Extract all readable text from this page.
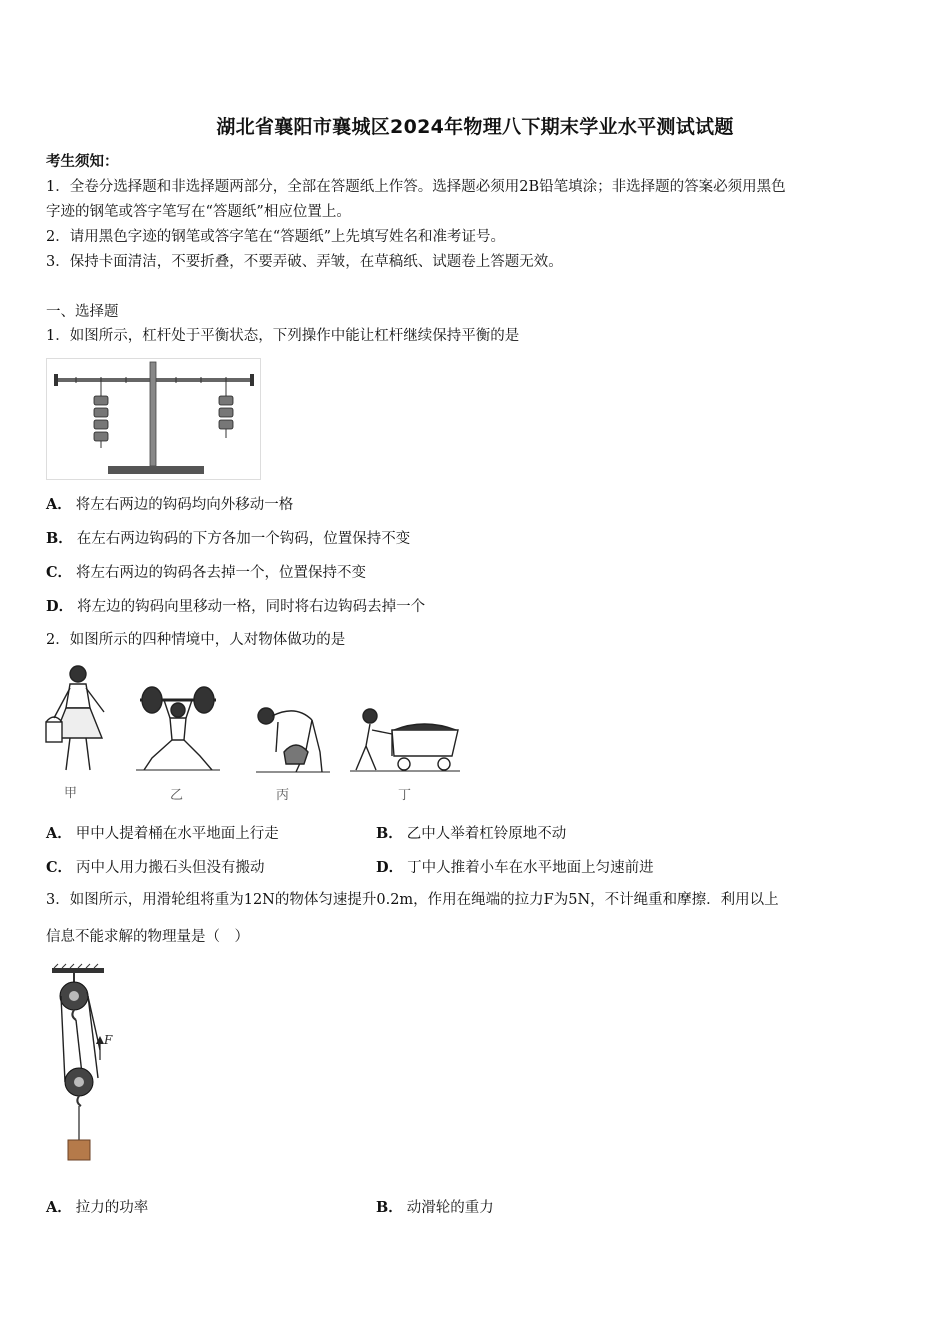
湖北省襄阳市襄城区2024年物理八下期末学业水平测试试题
考生须知：
1．全卷分选择题和非选择题两部分，全部在答题纸上作答。选择题必须用2B铅笔填涂；非选择题的答案必须用黑色
字迹的钢笔或答字笔写在“答题纸”相应位置上。
2．请用黑色字迹的钢笔或答字笔在“答题纸”上先填写姓名和准考证号。
3．保持卡面清洁，不要折叠，不要弄破、弄皱，在草稿纸、试题卷上答题无效。
一、选择题
1．如图所示，杠杆处于平衡状态，下列操作中能让杠杆继续保持平衡的是
A． 将左右两边的钩码均向外移动一格
B． 在左右两边钩码的下方各加一个钩码，位置保持不变
C． 将左右两边的钩码各去掉一个，位置保持不变
D． 将左边的钩码向里移动一格，同时将右边钩码去掉一个
2．如图所示的四种情境中，人对物体做功的是
甲	乙	丙	丁
A． 甲中人提着桶在水平地面上行走	B． 乙中人举着杠铃原地不动
C． 丙中人用力搬石头但没有搬动	D． 丁中人推着小车在水平地面上匀速前进
3．如图所示，用滑轮组将重为12N的物体匀速提升0.2m，作用在绳端的拉力F为5N，不计绳重和摩擦．利用以上
信息不能求解的物理量是（　）
F
A． 拉力的功率	B． 动滑轮的重力
